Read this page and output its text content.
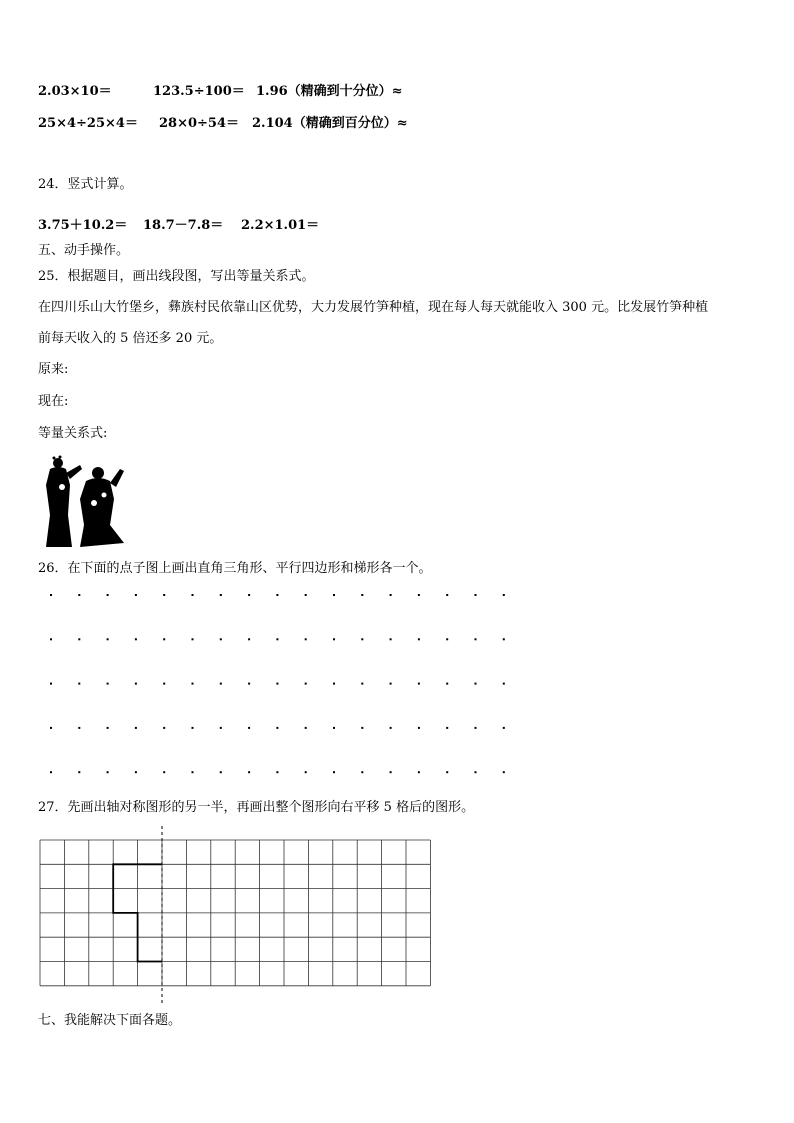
2.03×10＝	123.5÷100＝ 1.96（精确到十分位）≈
25×4÷25×4＝ 28×0÷54＝ 2.104（精确到百分位）≈
24．竖式计算。
3.75＋10.2＝ 18.7－7.8＝ 2.2×1.01＝
五、动手操作。
25．根据题目，画出线段图，写出等量关系式。
在四川乐山大竹堡乡，彝族村民依靠山区优势，大力发展竹笋种植，现在每人每天就能收入 300 元。比发展竹笋种植
前每天收入的 5 倍还多 20 元。
原来:
现在:
等量关系式:
26．在下面的点子图上画出直角三角形、平行四边形和梯形各一个。
27．先画出轴对称图形的另一半，再画出整个图形向右平移 5 格后的图形。
七、我能解决下面各题。
